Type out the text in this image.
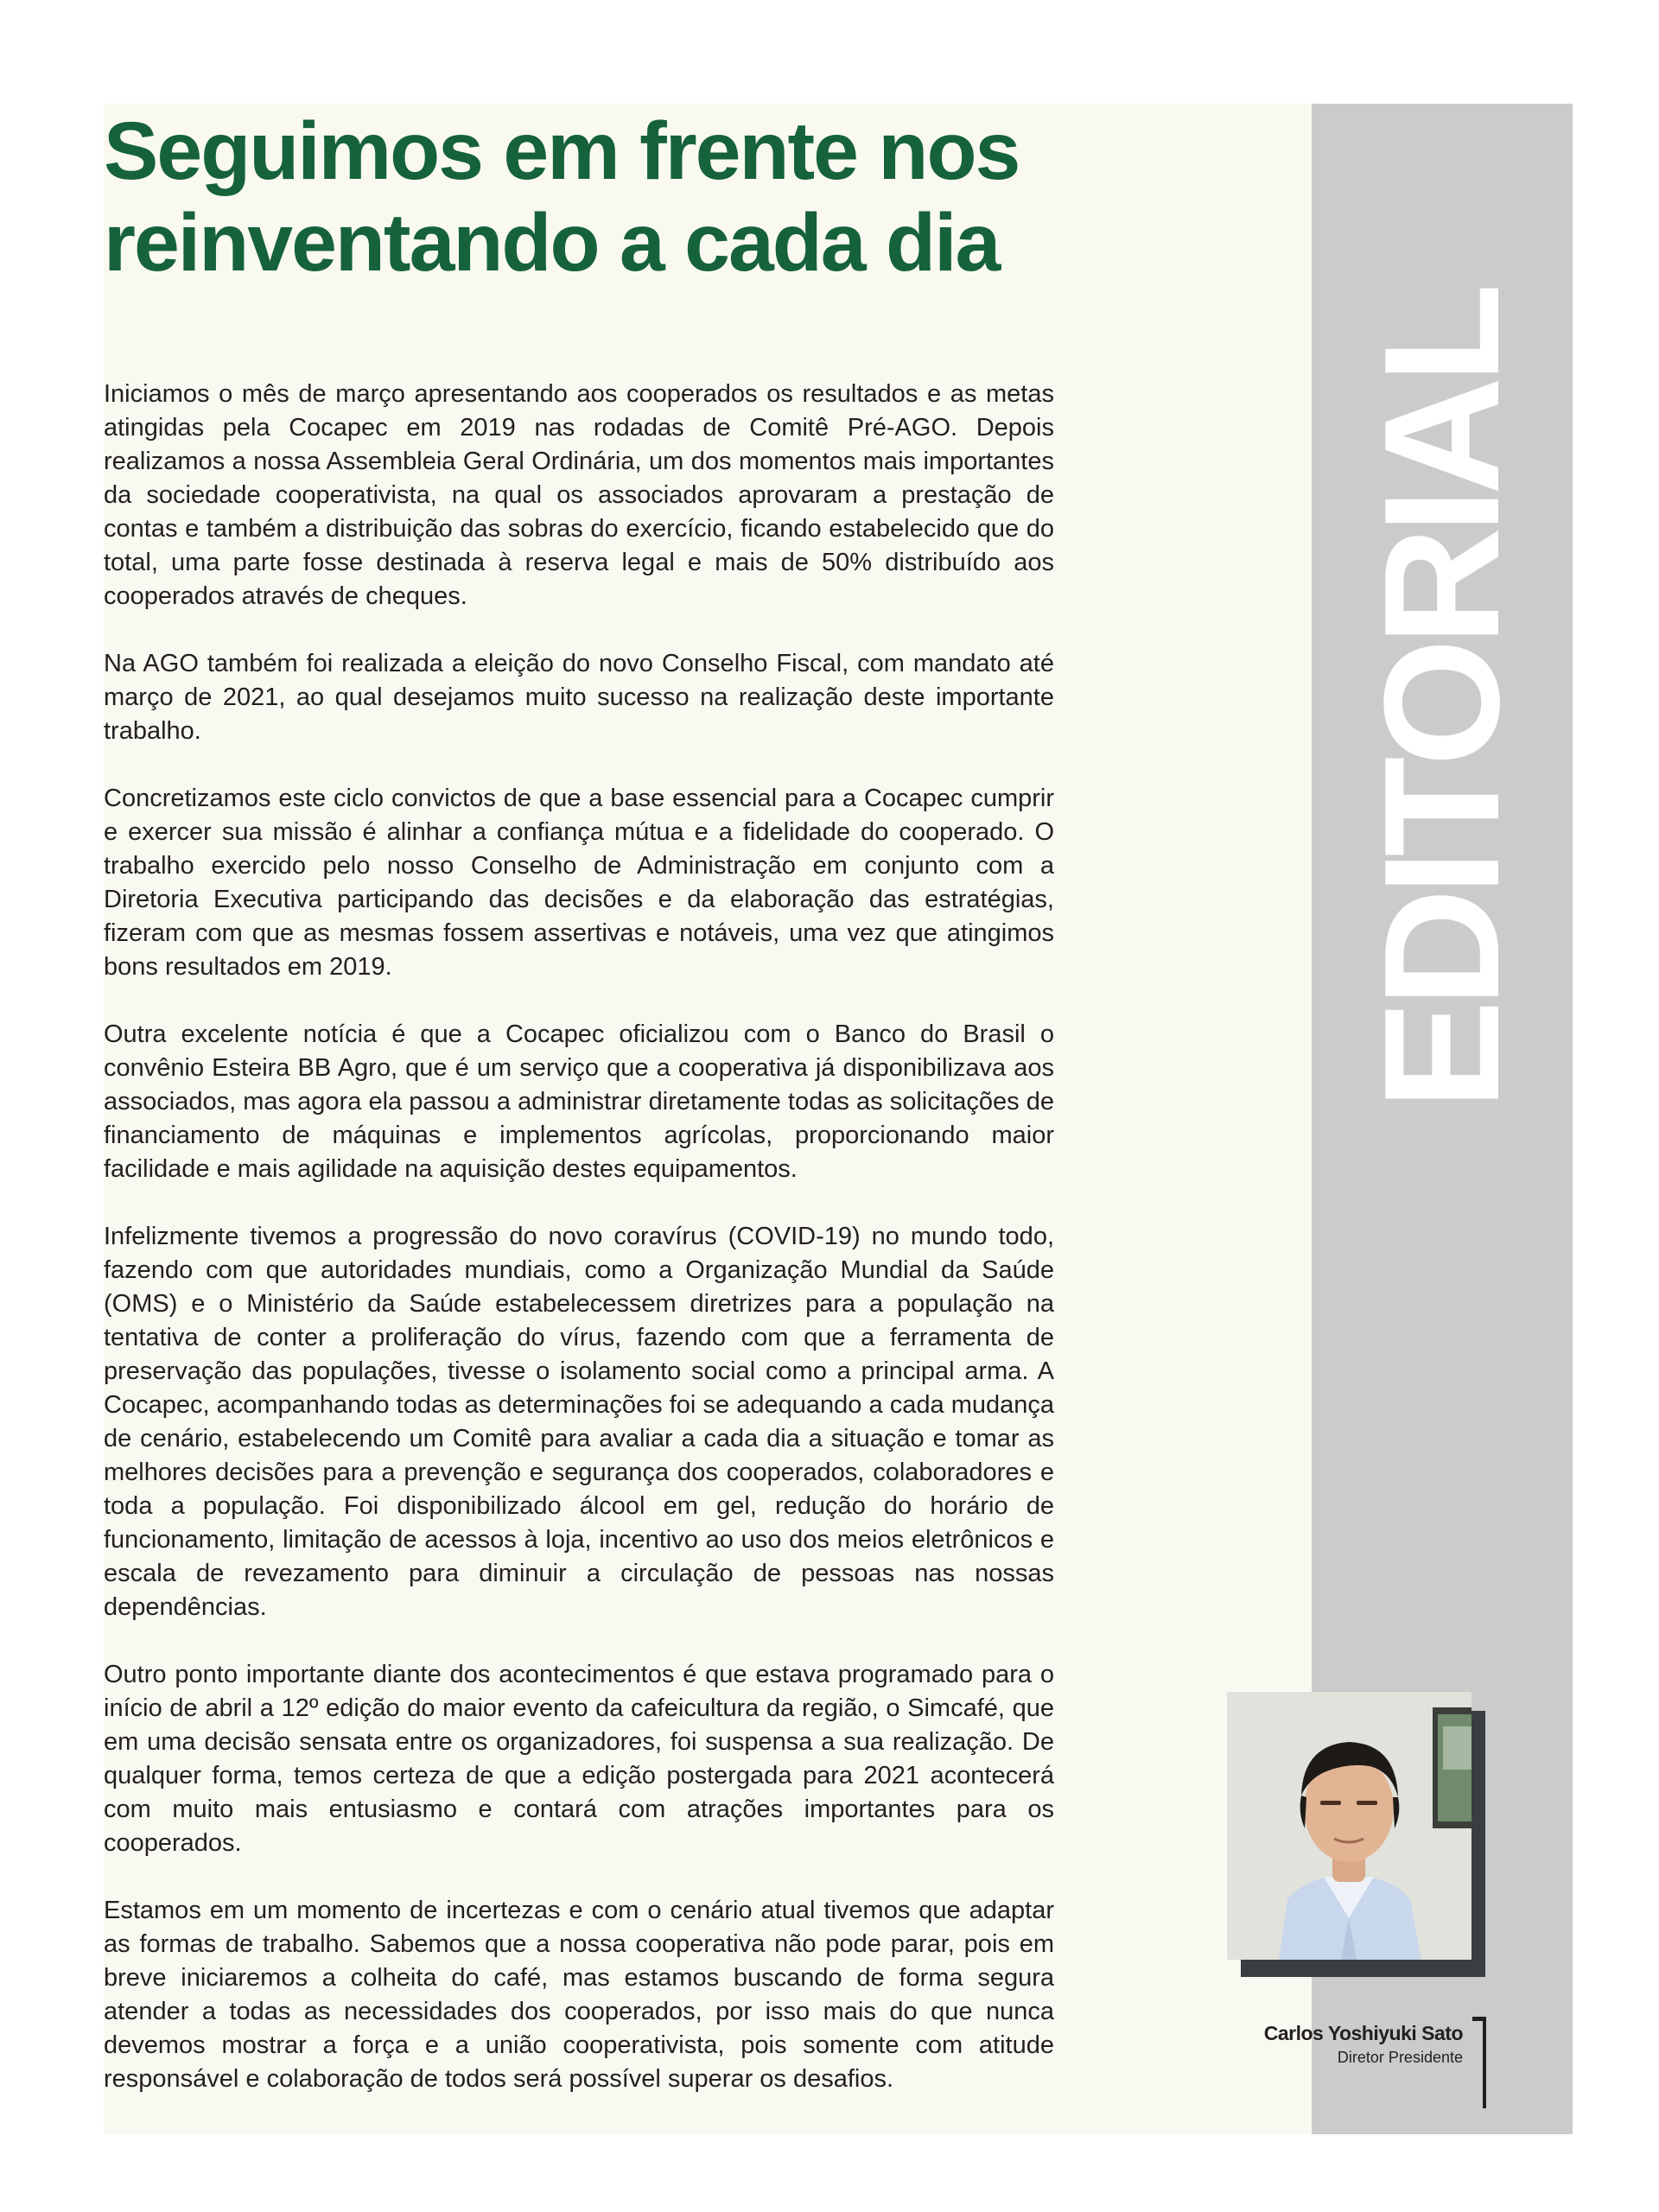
EDITORIAL
Seguimos em frente nos
reinventando a cada dia

Iniciamos o mês de março apresentando aos cooperados os resultados e as metas atingidas pela Cocapec em 2019 nas rodadas de Comitê Pré-AGO. Depois realizamos a nossa Assembleia Geral Ordinária, um dos momentos mais importantes da sociedade cooperativista, na qual os associados aprovaram a prestação de contas e também a distribuição das sobras do exercício, ficando estabelecido que do total, uma parte fosse destinada à reserva legal e mais de 50% distribuído aos cooperados através de cheques.

Na AGO também foi realizada a eleição do novo Conselho Fiscal, com mandato até março de 2021, ao qual desejamos muito sucesso na realização deste importante trabalho.

Concretizamos este ciclo convictos de que a base essencial para a Cocapec cumprir e exercer sua missão é alinhar a confiança mútua e a fidelidade do cooperado. O trabalho exercido pelo nosso Conselho de Administração em conjunto com a Diretoria Executiva participando das decisões e da elaboração das estratégias, fizeram com que as mesmas fossem assertivas e notáveis, uma vez que atingimos bons resultados em 2019.

Outra excelente notícia é que a Cocapec oficializou com o Banco do Brasil o convênio Esteira BB Agro, que é um serviço que a cooperativa já disponibilizava aos associados, mas agora ela passou a administrar diretamente todas as solicitações de financiamento de máquinas e implementos agrícolas, proporcionando maior facilidade e mais agilidade na aquisição destes equipamentos.

Infelizmente tivemos a progressão do novo coravírus (COVID-19) no mundo todo, fazendo com que autoridades mundiais, como a Organização Mundial da Saúde (OMS) e o Ministério da Saúde estabelecessem diretrizes para a população na tentativa de conter a proliferação do vírus, fazendo com que a ferramenta de preservação das populações, tivesse o isolamento social como a principal arma. A Cocapec, acompanhando todas as determinações foi se adequando a cada mudança de cenário, estabelecendo um Comitê para avaliar a cada dia a situação e tomar as melhores decisões para a prevenção e segurança dos cooperados, colaboradores e toda a população. Foi disponibilizado álcool em gel, redução do horário de funcionamento, limitação de acessos à loja, incentivo ao uso dos meios eletrônicos e escala de revezamento para diminuir a circulação de pessoas nas nossas dependências.

Outro ponto importante diante dos acontecimentos é que estava programado para o início de abril a 12º edição do maior evento da cafeicultura da região, o Simcafé, que em uma decisão sensata entre os organizadores, foi suspensa a sua realização. De qualquer forma, temos certeza de que a edição postergada para 2021 acontecerá com muito mais entusiasmo e contará com atrações importantes para os cooperados.

Estamos em um momento de incertezas e com o cenário atual tivemos que adaptar as formas de trabalho. Sabemos que a nossa cooperativa não pode parar, pois em breve iniciaremos a colheita do café, mas estamos buscando de forma segura atender a todas as necessidades dos cooperados, por isso mais do que nunca devemos mostrar a força e a união cooperativista, pois somente com atitude responsável e colaboração de todos será possível superar os desafios.

Carlos Yoshiyuki Sato
Diretor Presidente
